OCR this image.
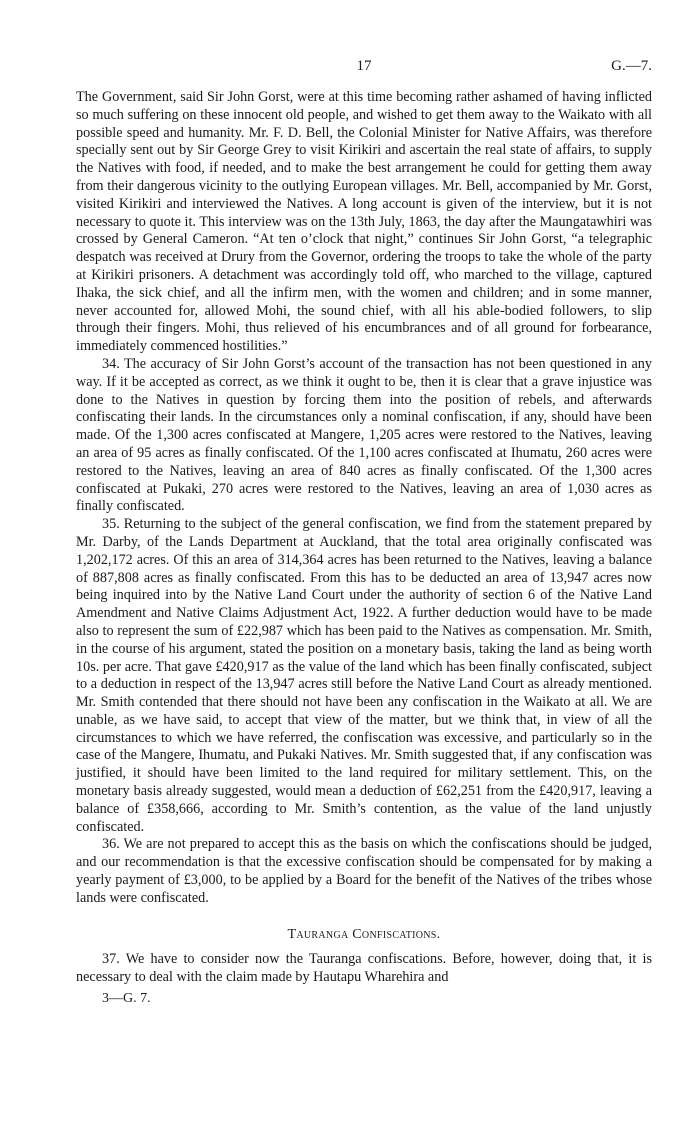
17	G.—7.

The Government, said Sir John Gorst, were at this time becoming rather ashamed of having inflicted so much suffering on these innocent old people, and wished to get them away to the Waikato with all possible speed and humanity. Mr. F. D. Bell, the Colonial Minister for Native Affairs, was therefore specially sent out by Sir George Grey to visit Kirikiri and ascertain the real state of affairs, to supply the Natives with food, if needed, and to make the best arrangement he could for getting them away from their dangerous vicinity to the outlying European villages. Mr. Bell, accompanied by Mr. Gorst, visited Kirikiri and interviewed the Natives. A long account is given of the interview, but it is not necessary to quote it. This interview was on the 13th July, 1863, the day after the Maungatawhiri was crossed by General Cameron. “At ten o’clock that night,” continues Sir John Gorst, “a telegraphic despatch was received at Drury from the Governor, ordering the troops to take the whole of the party at Kirikiri prisoners. A detachment was accordingly told off, who marched to the village, captured Ihaka, the sick chief, and all the infirm men, with the women and children; and in some manner, never accounted for, allowed Mohi, the sound chief, with all his able-bodied followers, to slip through their fingers. Mohi, thus relieved of his encumbrances and of all ground for forbearance, immediately commenced hostilities.”

34. The accuracy of Sir John Gorst’s account of the transaction has not been questioned in any way. If it be accepted as correct, as we think it ought to be, then it is clear that a grave injustice was done to the Natives in question by forcing them into the position of rebels, and afterwards confiscating their lands. In the circumstances only a nominal confiscation, if any, should have been made. Of the 1,300 acres confiscated at Mangere, 1,205 acres were restored to the Natives, leaving an area of 95 acres as finally confiscated. Of the 1,100 acres confiscated at Ihumatu, 260 acres were restored to the Natives, leaving an area of 840 acres as finally confiscated. Of the 1,300 acres confiscated at Pukaki, 270 acres were restored to the Natives, leaving an area of 1,030 acres as finally confiscated.

35. Returning to the subject of the general confiscation, we find from the statement prepared by Mr. Darby, of the Lands Department at Auckland, that the total area originally confiscated was 1,202,172 acres. Of this an area of 314,364 acres has been returned to the Natives, leaving a balance of 887,808 acres as finally confiscated. From this has to be deducted an area of 13,947 acres now being inquired into by the Native Land Court under the authority of section 6 of the Native Land Amendment and Native Claims Adjustment Act, 1922. A further deduction would have to be made also to represent the sum of £22,987 which has been paid to the Natives as compensation. Mr. Smith, in the course of his argument, stated the position on a monetary basis, taking the land as being worth 10s. per acre. That gave £420,917 as the value of the land which has been finally confiscated, subject to a deduction in respect of the 13,947 acres still before the Native Land Court as already mentioned. Mr. Smith contended that there should not have been any confiscation in the Waikato at all. We are unable, as we have said, to accept that view of the matter, but we think that, in view of all the circumstances to which we have referred, the confiscation was excessive, and particularly so in the case of the Mangere, Ihumatu, and Pukaki Natives. Mr. Smith suggested that, if any confiscation was justified, it should have been limited to the land required for military settlement. This, on the monetary basis already suggested, would mean a deduction of £62,251 from the £420,917, leaving a balance of £358,666, according to Mr. Smith’s contention, as the value of the land unjustly confiscated.

36. We are not prepared to accept this as the basis on which the confiscations should be judged, and our recommendation is that the excessive confiscation should be compensated for by making a yearly payment of £3,000, to be applied by a Board for the benefit of the Natives of the tribes whose lands were confiscated.

Tauranga Confiscations.

37. We have to consider now the Tauranga confiscations. Before, however, doing that, it is necessary to deal with the claim made by Hautapu Wharehira and

3—G. 7.
